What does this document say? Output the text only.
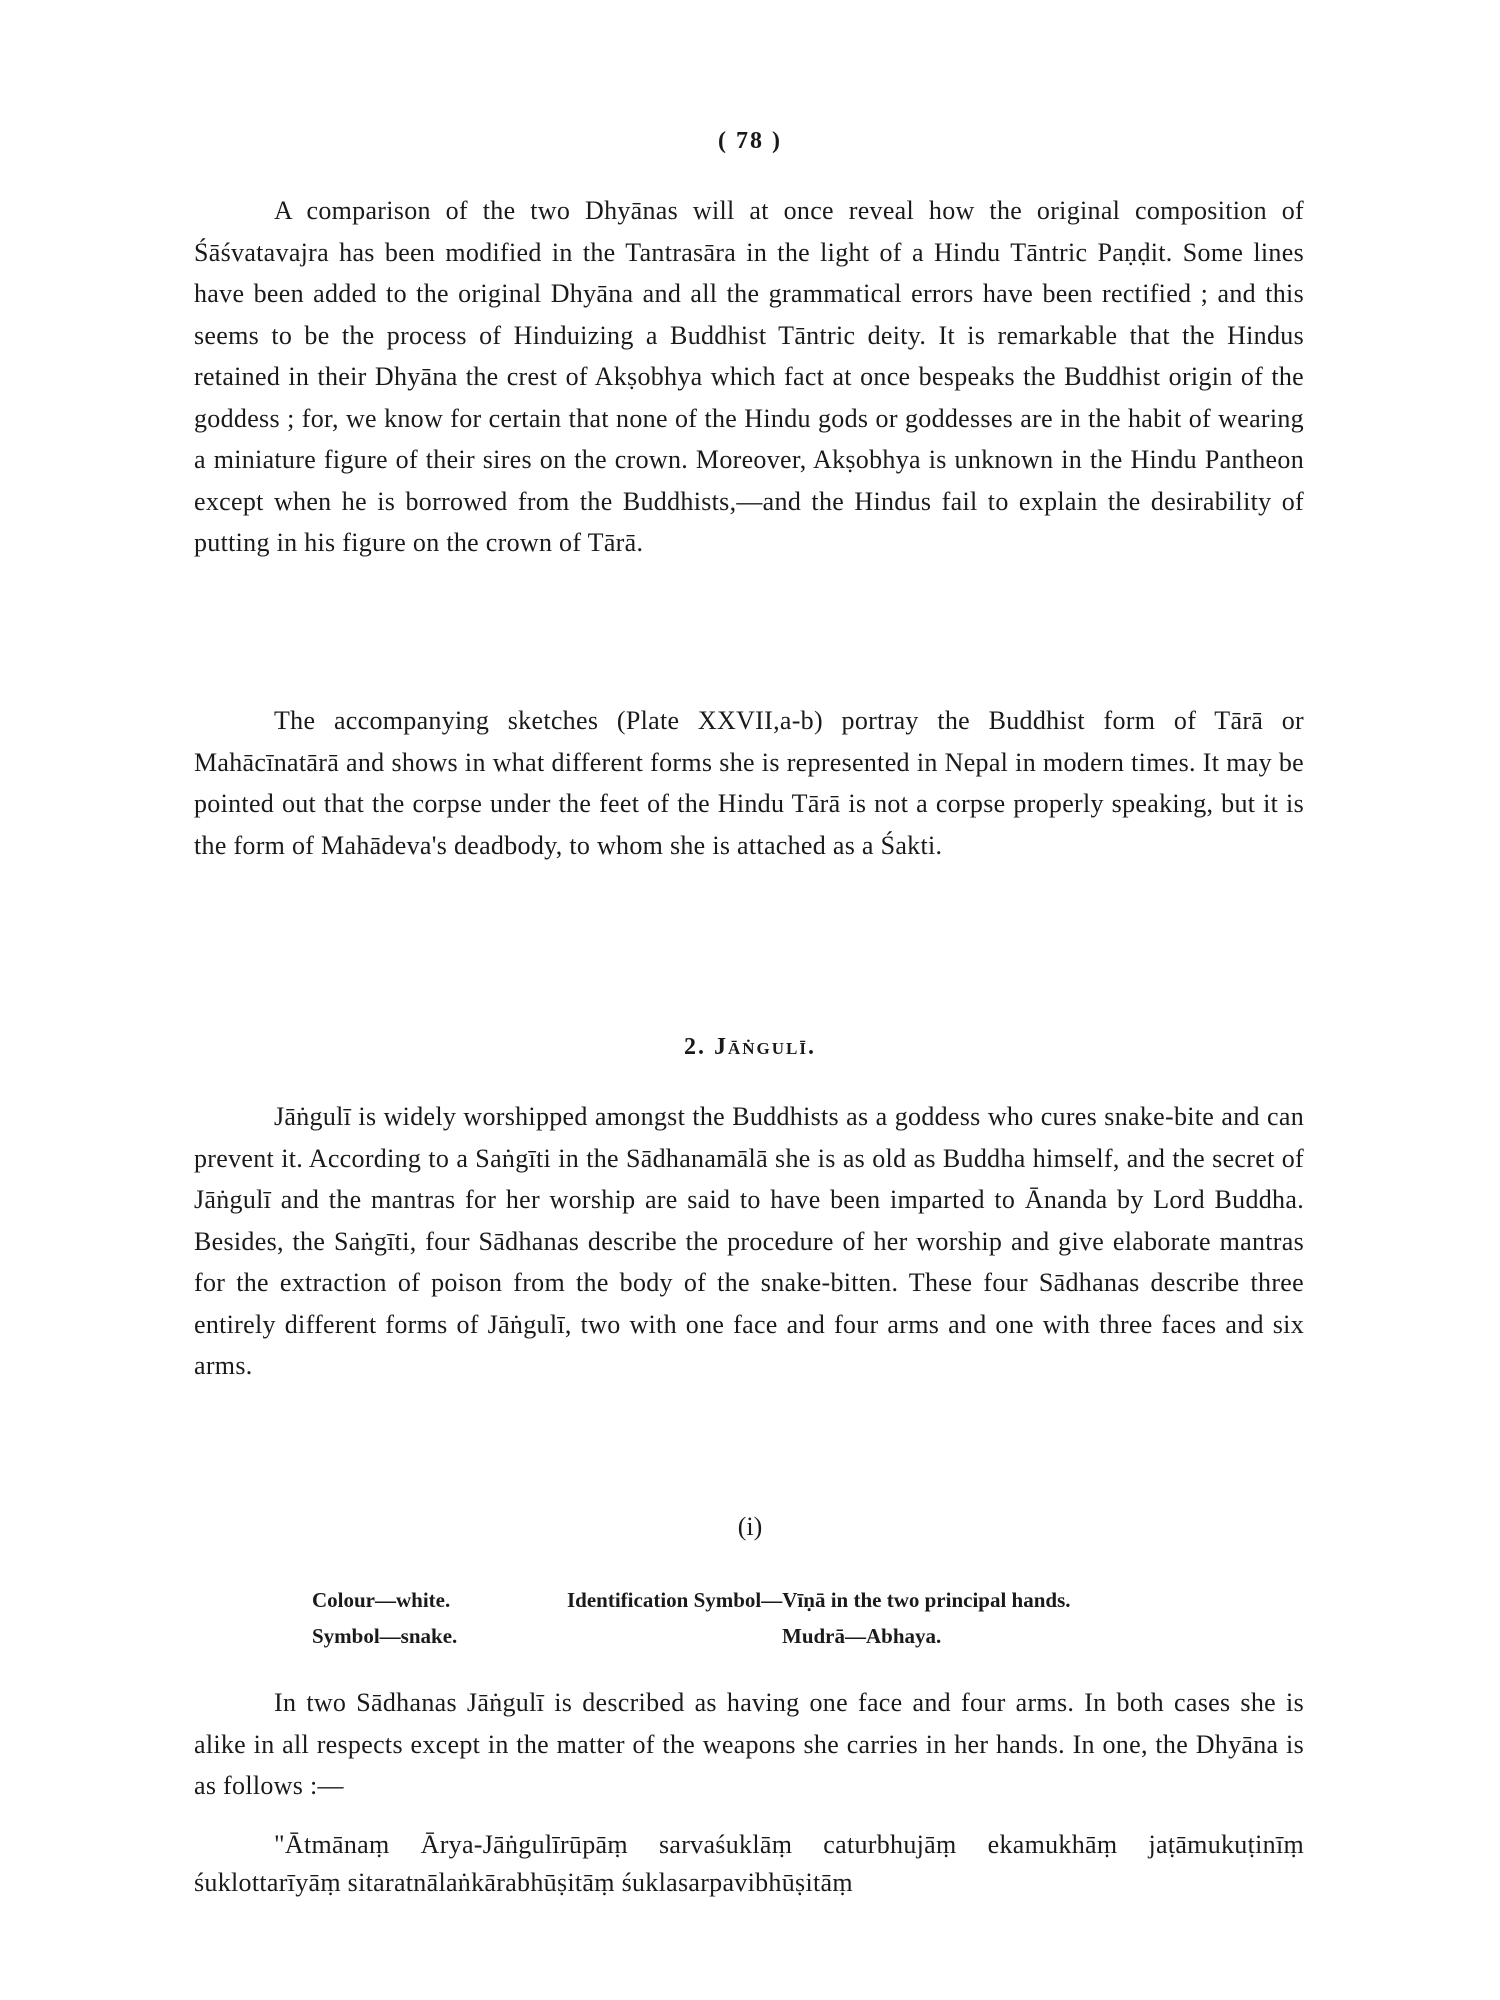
( 78 )

A comparison of the two Dhyānas will at once reveal how the original composition of Śāśvatavajra has been modified in the Tantrasāra in the light of a Hindu Tāntric Paṇḍit. Some lines have been added to the original Dhyāna and all the grammatical errors have been rectified ; and this seems to be the process of Hinduizing a Buddhist Tāntric deity. It is remarkable that the Hindus retained in their Dhyāna the crest of Akṣobhya which fact at once bespeaks the Buddhist origin of the goddess ; for, we know for certain that none of the Hindu gods or goddesses are in the habit of wearing a miniature figure of their sires on the crown. Moreover, Akṣobhya is unknown in the Hindu Pantheon except when he is borrowed from the Buddhists,—and the Hindus fail to explain the desirability of putting in his figure on the crown of Tārā.

The accompanying sketches (Plate XXVII,a-b) portray the Buddhist form of Tārā or Mahācīnatārā and shows in what different forms she is represented in Nepal in modern times. It may be pointed out that the corpse under the feet of the Hindu Tārā is not a corpse properly speaking, but it is the form of Mahādeva's deadbody, to whom she is attached as a Śakti.

2. Jāṅgulī.

Jāṅgulī is widely worshipped amongst the Buddhists as a goddess who cures snake-bite and can prevent it. According to a Saṅgīti in the Sādhanamālā she is as old as Buddha himself, and the secret of Jāṅgulī and the mantras for her worship are said to have been imparted to Ānanda by Lord Buddha. Besides, the Saṅgīti, four Sādhanas describe the procedure of her worship and give elaborate mantras for the extraction of poison from the body of the snake-bitten. These four Sādhanas describe three entirely different forms of Jāṅgulī, two with one face and four arms and one with three faces and six arms.

(i)
Colour—white.	Identification Symbol—Vīṇā in the two principal hands.
Symbol—snake.	Mudrā—Abhaya.

In two Sādhanas Jāṅgulī is described as having one face and four arms. In both cases she is alike in all respects except in the matter of the weapons she carries in her hands. In one, the Dhyāna is as follows :—

"Ātmānaṃ Ārya-Jāṅgulīrūpāṃ sarvaśuklāṃ caturbhujāṃ ekamukhāṃ jaṭāmukuṭinīṃ śuklottarīyāṃ sitaratnālaṅkārabhūṣitāṃ śuklasarpavibhūṣitāṃ
